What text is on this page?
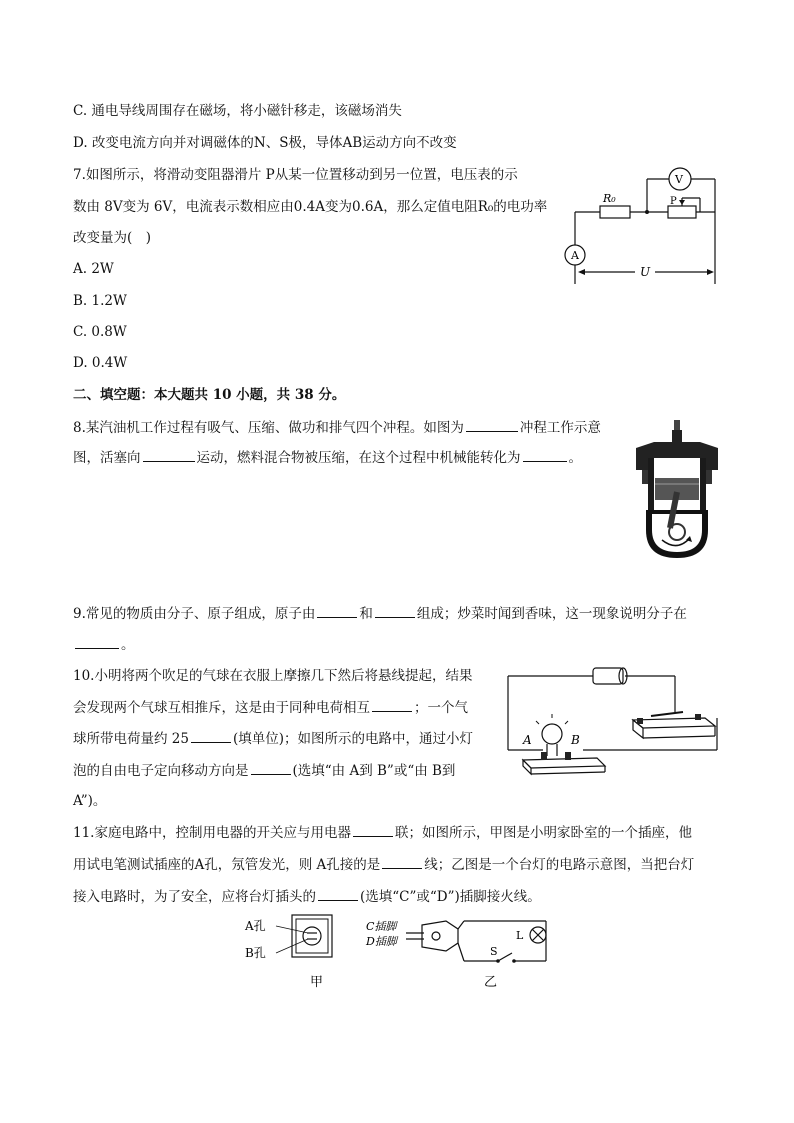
C. 通电导线周围存在磁场，将小磁针移走，该磁场消失
D. 改变电流方向并对调磁体的N、S极，导体AB运动方向不改变
7.如图所示，将滑动变阻器滑片 P从某一位置移动到另一位置，电压表的示
数由 8V变为 6V，电流表示数相应由0.4A变为0.6A，那么定值电阻R₀的电功率
改变量为(　)
A. 2W
B. 1.2W
C. 0.8W
D. 0.4W
V
A
R₀	P
U
二、填空题：本大题共 10 小题，共 38 分。
8.某汽油机工作过程有吸气、压缩、做功和排气四个冲程。如图为	冲程工作示意
图，活塞向	运动，燃料混合物被压缩，在这个过程中机械能转化为	。
9.常见的物质由分子、原子组成，原子由	和	组成；炒菜时闻到香味，这一现象说明分子在
。
10.小明将两个吹足的气球在衣服上摩擦几下然后将悬线提起，结果
会发现两个气球互相推斥，这是由于同种电荷相互	；一个气
球所带电荷量约 25	(填单位)；如图所示的电路中，通过小灯
泡的自由电子定向移动方向是	(选填“由 A到 B”或“由 B到
A”)。
A	B
11.家庭电路中，控制用电器的开关应与用电器	联；如图所示，甲图是小明家卧室的一个插座，他
用试电笔测试插座的A孔，氖管发光，则 A孔接的是	线；乙图是一个台灯的电路示意图，当把台灯
接入电路时，为了安全，应将台灯插头的	(选填“C”或“D”)插脚接火线。
A孔
B孔
甲
C插脚
D插脚	L
S
乙
